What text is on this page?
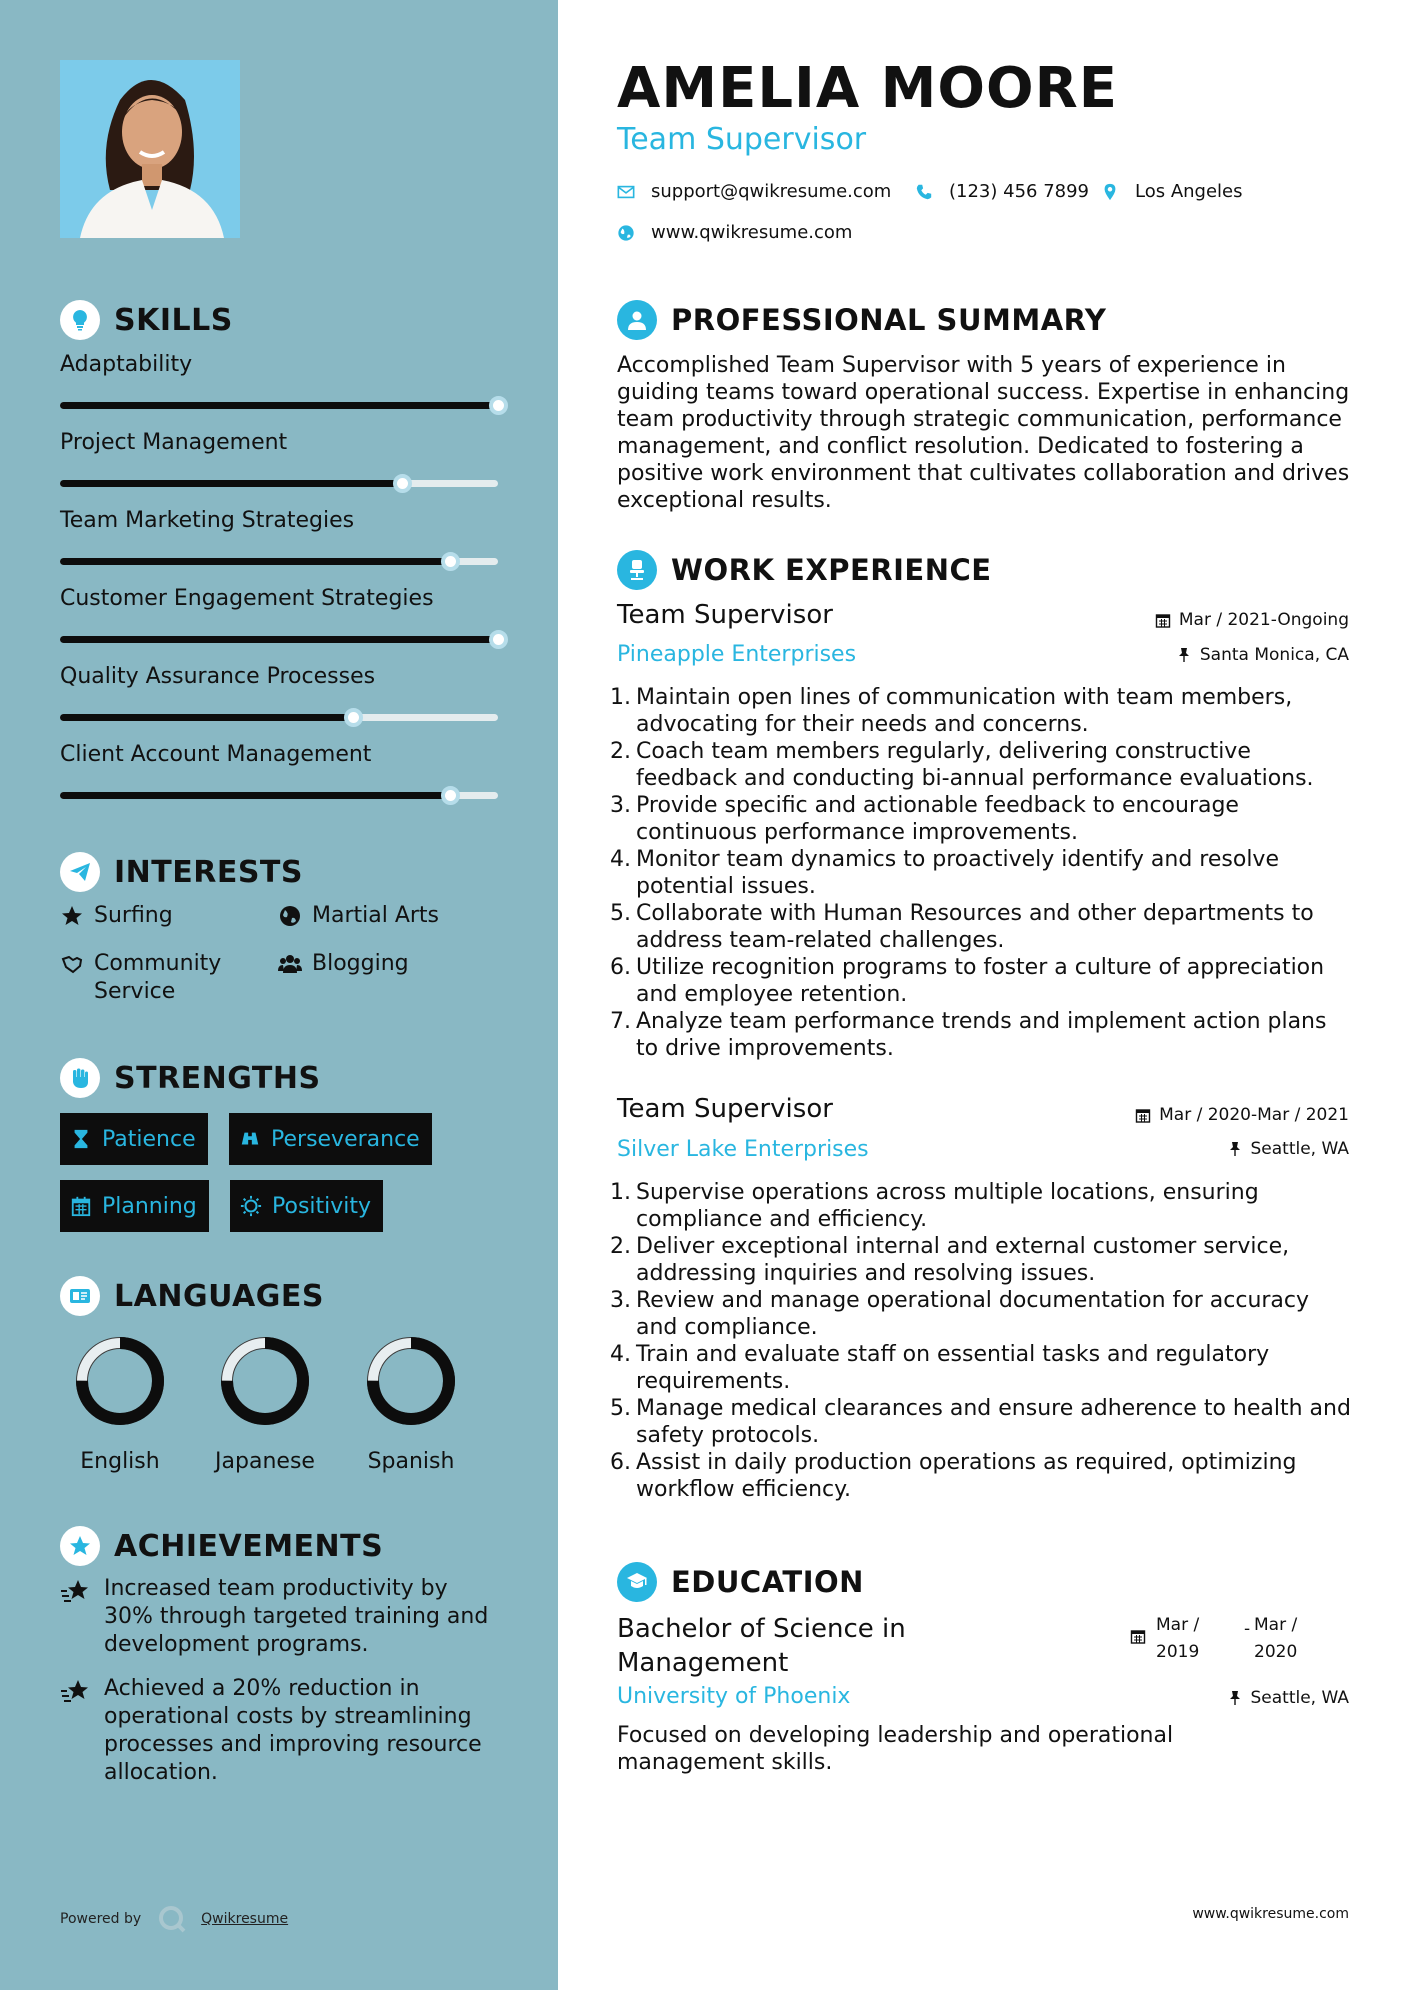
SKILLS
Adaptability
Project Management
Team Marketing Strategies
Customer Engagement Strategies
Quality Assurance Processes
Client Account Management
INTERESTS
Surfing	Martial Arts
Community Service
Blogging
STRENGTHS
Patience	Perseverance
Planning	Positivity
LANGUAGES
English	Japanese	Spanish
ACHIEVEMENTS
Increased team productivity by 30% through targeted training and development programs.
Achieved a 20% reduction in operational costs by streamlining processes and improving resource allocation.
Powered by	Qwikresume
AMELIA MOORE
Team Supervisor
support@qwikresume.com	(123) 456 7899	Los Angeles
www.qwikresume.com
PROFESSIONAL SUMMARY
Accomplished Team Supervisor with 5 years of experience in guiding teams toward operational success. Expertise in enhancing team productivity through strategic communication, performance management, and conflict resolution. Dedicated to fostering a positive work environment that cultivates collaboration and drives exceptional results.
WORK EXPERIENCE
Team Supervisor	Mar / 2021-Ongoing
Pineapple Enterprises	Santa Monica, CA
1. Maintain open lines of communication with team members, advocating for their needs and concerns.
2. Coach team members regularly, delivering constructive feedback and conducting bi-annual performance evaluations.
3. Provide specific and actionable feedback to encourage continuous performance improvements.
4. Monitor team dynamics to proactively identify and resolve potential issues.
5. Collaborate with Human Resources and other departments to address team-related challenges.
6. Utilize recognition programs to foster a culture of appreciation and employee retention.
7. Analyze team performance trends and implement action plans to drive improvements.
Team Supervisor	Mar / 2020-Mar / 2021
Silver Lake Enterprises	Seattle, WA
1. Supervise operations across multiple locations, ensuring compliance and efficiency.
2. Deliver exceptional internal and external customer service, addressing inquiries and resolving issues.
3. Review and manage operational documentation for accuracy and compliance.
4. Train and evaluate staff on essential tasks and regulatory requirements.
5. Manage medical clearances and ensure adherence to health and safety protocols.
6. Assist in daily production operations as required, optimizing workflow efficiency.
EDUCATION
Bachelor of Science in Management
Mar / 2019
- Mar / 2020
University of Phoenix	Seattle, WA
Focused on developing leadership and operational management skills.
www.qwikresume.com
